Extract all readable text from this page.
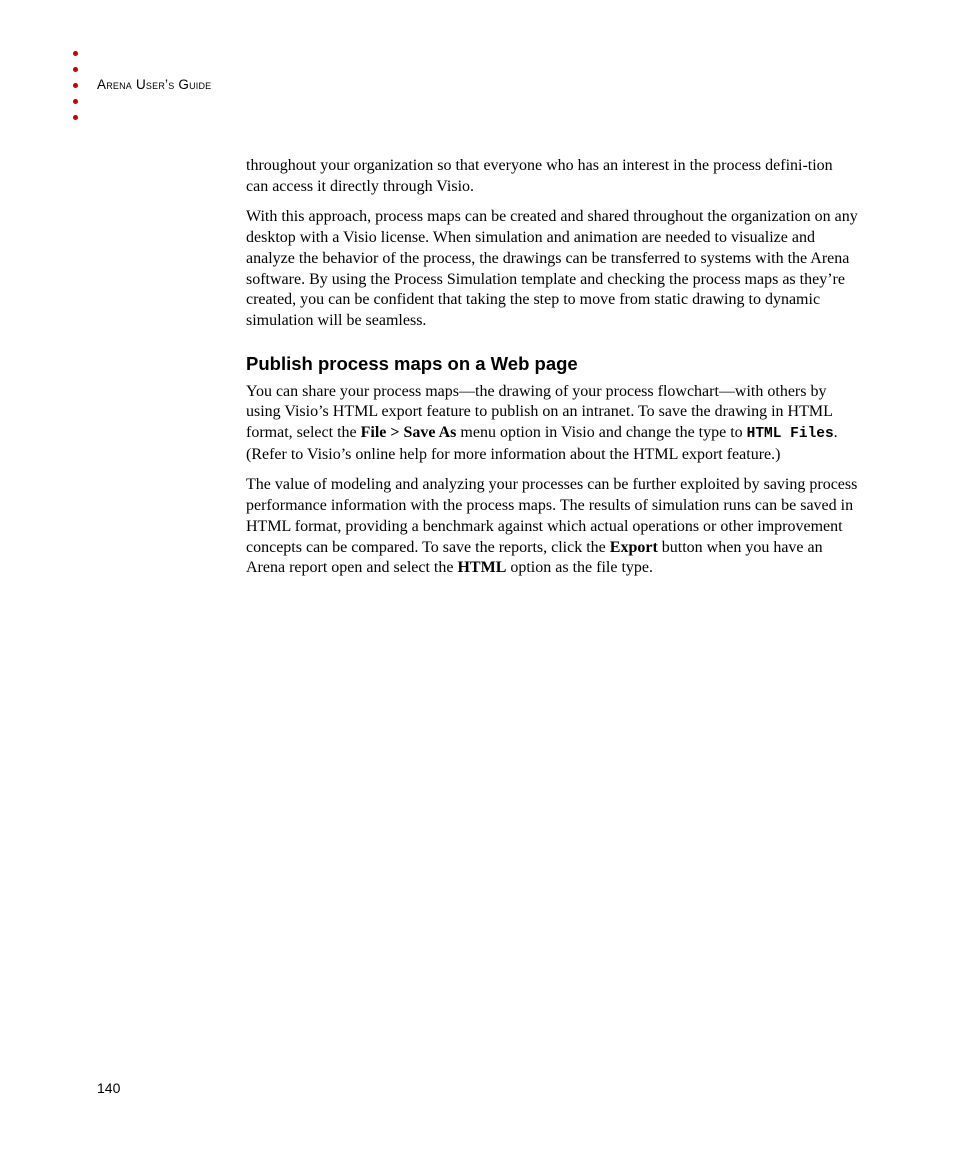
Arena User’s Guide

throughout your organization so that everyone who has an interest in the process defini-tion can access it directly through Visio.

With this approach, process maps can be created and shared throughout the organization on any desktop with a Visio license. When simulation and animation are needed to visualize and analyze the behavior of the process, the drawings can be transferred to systems with the Arena software. By using the Process Simulation template and checking the process maps as they’re created, you can be confident that taking the step to move from static drawing to dynamic simulation will be seamless.

Publish process maps on a Web page

You can share your process maps—the drawing of your process flowchart—with others by using Visio’s HTML export feature to publish on an intranet. To save the drawing in HTML format, select the File > Save As menu option in Visio and change the type to HTML Files. (Refer to Visio’s online help for more information about the HTML export feature.)

The value of modeling and analyzing your processes can be further exploited by saving process performance information with the process maps. The results of simulation runs can be saved in HTML format, providing a benchmark against which actual operations or other improvement concepts can be compared. To save the reports, click the Export button when you have an Arena report open and select the HTML option as the file type.

140
